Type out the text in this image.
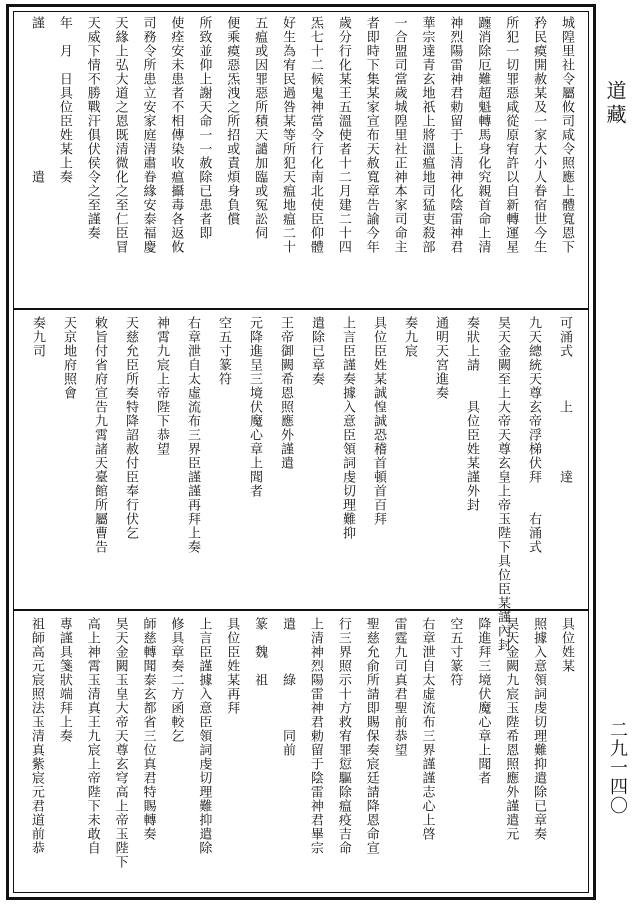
道藏
二九一四〇
城隍里社令屬攸司咸令照應上體寬恩下
矜民瘼開赦某及一家大小人眷宿世今生
所犯一切罪惡咸從原宥許以自新轉運星
躔消除厄難超魁轉馬身化究親首命上清
神烈陽雷神君勅留于上清神化陰雷神君
華宗達青玄地祇上將溫瘟地司猛吏殺部
一合盟司當歲城隍里社正神本家司命主
者即時下集某家宣布天赦寬章告諭今年
歲分行化某王五溫使者十二月建二十四
炁七十二候鬼神當令行化南北使臣仰體
好生為宥民過咎某等所犯天瘟地瘟二十
五瘟或因罪惡所積天譴加臨或冤訟伺
便乘瘼惡炁洩之所招或責煩身負償
所致並仰上謝天命一一赦除已患者即
使痊安未患者不相傳染收瘟攝毒各返攸
司務令所患立安家庭清肅眷緣安泰福慶
天緣上弘大道之恩既清微化之至仁臣冒
天威下情不勝戰汗俱伏侯令之至謹奏
年　月　日具位臣姓某上奏
謹　　　　　　　　　　遣
可涌式　　　上　　　　達
九天總統天尊玄帝浮梯伏拜　　右涌式
昊天金闕至上大帝天尊玄皇上帝玉陛下具位臣某謹內封
奏狀上請　　具位臣姓某謹外封
通明天宮進奏
奏九宸
具位臣姓某誠惶誠恐稽首頓首百拜
上言臣謹奏據入意臣領詞虔切理難抑
遣除已章奏
王帝御闕希恩照應外謹遣
元降進呈三境伏魔心章上聞者
空五寸篆符
右章泄自太虛流布三界臣謹謹再拜上奏
神霄九宸上帝陛下恭望
天慈允臣所奏特降詔赦付臣奉行伏乞
敕旨付省府宣告九霄諸天臺館所屬曹告
天京地府照會
奏九司
具位姓某
照據入意領詞虔切理難抑遣除已章奏
昊天金闕九宸玉陛希恩照應外謹遣元
降進拜三境伏魔心章上聞者
空五寸篆符
右章泄自太虛流布三界謹謹志心上啓
雷霆九司真君聖前恭望
聖慈允俞所請即賜保奏宸廷請降恩命宣
行三界照示十方救宥罪愆驅除瘟疫吉命
上清神烈陽雷神君勅留于陰雷神君畢宗
遣　　　綠　　　同前
篆　魏　祖
具位臣姓某再拜
上言臣謹據入意臣領詞虔切理難抑遣除
修具章奏二方函較乞
師慈轉聞泰玄都省三位真君特賜轉奏
昊天金闕玉皇大帝天尊玄穹高上帝玉陛下
高上神霄玉清真王九宸上帝陛下未敢自
專謹具箋狀端拜上奏
祖師高元宸照法玉清真紫宸元君道前恭
